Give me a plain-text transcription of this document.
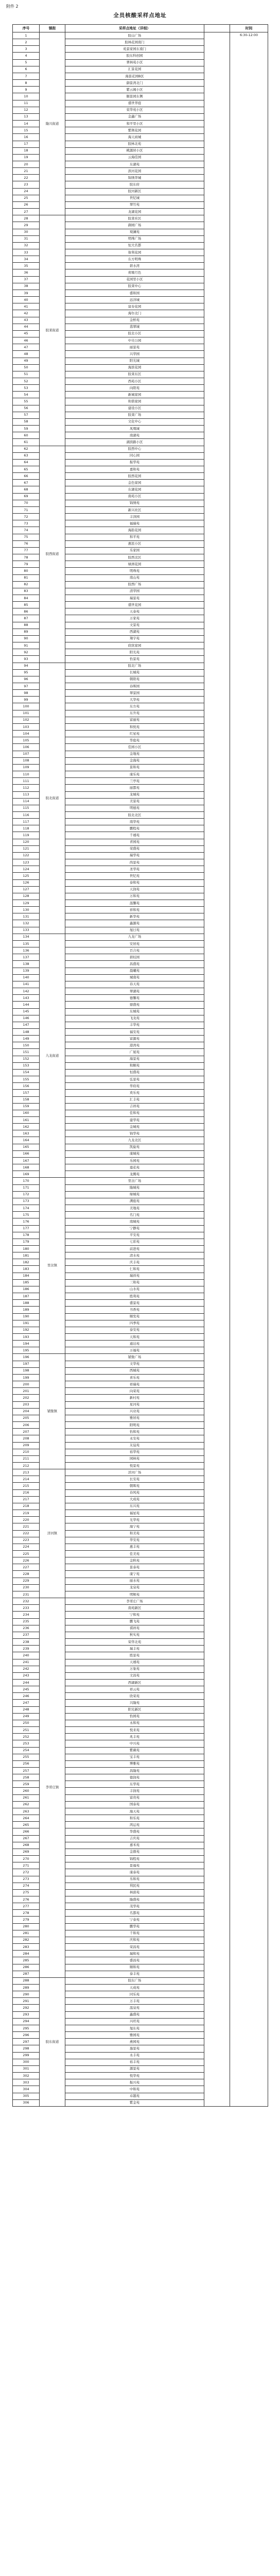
附件 2
全员核酸采样点地址
序号	镇街	采样点地址（详细）		时间
1	隆兴街道	胶山广场		6:30-12:00
2		胶林花园南门		
3		苑景家园东南门		
4		胶东科创园		
5		翠林苑小区		
6		汇景花园		
7		海景花园B区		
8		御景湾北门		
9		紫云阁小区		
10		颐景园东侧		
11		盛世华庭		
12		荣华苑小区		
13		金鑫广场		
14		和平里小区		
15		紫荆花园		
16		海天商城		
17		胶林北苑		
18		桃源居小区		
19		云海佳园		
20		东湖苑		
21		滨河花园		
22		锦绣华城		
23		胶东府		
24		胶河新区		
25		世纪城		
26		翠竹苑		
27		龙湖花园		
28	胶莱街道	胶莱社区		
29		御园广场		
30		观澜苑		
31		明珠广场		
32		恒大名都		
33		保利花园		
34		东方明珠		
35		碧水湾		
36		荷塘月色		
37		花园里小区		
38		胶莱中心		
39		盛和园		
40		远洋城		
41		富春花园		
42		海尔北门		
43		金桥苑		
44		翡翠城		
45		胶北小区		
46		中央公园		
47		丽景苑		
48		兴华园		
49		阳光城		
50		海滨花园		
51		胶莱东区		
52		西苑小区		
53		向阳苑		
54		新城家园		
55		和谐家园		
56		建设小区		
57		胶莱广场		
58		文化中心		
59		凤凰城		
60		南湖苑		
61		湖滨路小区		
62	胶西街道	胶西中心		
63		同心园		
64		振华苑		
65		嘉和苑		
66		胶西花园		
67		金色家园		
68		东湖花园		
69		南苑小区		
70		锦绣苑		
71		新兴社区		
72		丰泽园		
73		福瑞苑		
74		海韵花园		
75		和平苑		
76		惠民小区		
77		乐家园		
78		胶西北区		
79		绿洲花园		
80		明珠苑		
81		南山苑		
82		胶西广场		
83		清华园		
84		瑞景苑		
85		盛世花园		
86		天泰苑		
87		万家苑		
88		文景苑		
89		西湖苑		
90		翔宇苑		
91		欣欣家园		
92		阳光苑		
93		怡景苑		
94	胶北街道	胶北广场		
95		长城苑		
96		朝阳苑		
97		春晖园		
98		翠景园		
99		大华苑		
100		东方苑		
101		东升苑		
102		富丽苑		
103		和悦苑		
104		红星苑		
105		华庭苑		
106		佳园小区		
107		金地苑		
108		金海苑		
109		景和苑		
110		康乐苑		
111		兰亭苑		
112		丽都苑		
113		龙城苑		
114		美景苑		
115		明德苑		
116		胶北北区		
117		南华苑		
118		鹏程苑		
119		千禧苑		
120		青园苑		
121		荣盛苑		
122		瑞华苑		
123		尚景苑		
124		圣华苑		
125		世纪苑		
126		泰和苑		
127		天润苑		
128		万和苑		
129		温馨苑		
130		祥和苑		
131		新华苑		
132		鑫源苑		
133		旭日苑		
134	九龙街道	九龙广场		
135		安居苑		
136		百合苑		
137		碧桂园		
138		昌盛苑		
139		晨曦苑		
140		城南苑		
141		春天苑		
142		翠湖苑		
143		德馨苑		
144		鼎盛苑		
145		东城苑		
146		飞龙苑		
147		丰华苑		
148		福安苑		
149		富源苑		
150		港湾苑		
151		广厦苑		
152		海景苑		
153		和顺苑		
154		恒盛苑		
155		弘景苑		
156		华府苑		
157		欢乐苑		
158		汇丰苑		
159		吉祥苑		
160		佳和苑		
161		建华苑		
162		金城苑		
163		锦华苑		
164		九龙北区		
165		凯旋苑		
166		康城苑		
167		乐园苑		
168		莲花苑		
169		龙腾苑		
170	里岔镇	里岔广场		
171		隆城苑		
172		绿城苑		
173		满庭苑		
174		美地苑		
175		名门苑		
176		南城苑		
177		宁静苑		
178		平安苑		
179		七彩苑		
180		前进苑		
181		清水苑		
182		庆丰苑		
183		仁和苑		
184		瑞祥苑		
185		三和苑		
186		山水苑		
187		胜利苑		
188		盛景苑		
189		书香苑		
190		顺发苑		
191		四季苑		
192		泰安苑		
193		天和苑		
194		通达苑		
195		万福苑		
196	铺集镇	铺集广场		
197		文华苑		
198		西城苑		
199		喜乐苑		
200		祥瑞苑		
201		向荣苑		
202		新村苑		
203		星河苑		
204		兴业苑		
205		雅居苑		
206		阳明苑		
207		怡和苑		
208		永安苑		
209		友谊苑		
210		裕华苑		
211		园林苑		
212		悦景苑		
213	洋河镇	洋河广场		
214		长安苑		
215		朝晖苑		
216		春风苑		
217		大成苑		
218		东兴苑		
219		福星苑		
220		光华苑		
221		海宁苑		
222		和美苑		
223		华安苑		
224		惠丰苑		
225		佳美苑		
226		金秋苑		
227		景泰苑		
228		康宁苑		
229		丽水苑		
230		龙泉苑		
231		明辉苑		
232	李哥庄镇	李哥庄广场		
233		南苑新区		
234		宁和苑		
235		鹏飞苑		
236		祺祥苑		
237		秋实苑		
238		荣华北苑		
239		瑞丰苑		
240		胜景苑		
241		天禧苑		
242		万象苑		
243		文昌苑		
244		西湖新区		
245		祥云苑		
246		欣荣苑		
247		兴隆苑		
248		阳光新区		
249		怡园苑		
250		永和苑		
251		悦来苑		
252		兆丰苑		
253		中兴苑		
254		紫薇苑		
255		宝丰苑		
256		博雅苑		
257		昌隆苑		
258		德润苑		
259		东华苑		
260		丰润苑		
261		富贵苑		
262		国泰苑		
263		海天苑		
264		和乐苑		
265		鸿运苑		
266		华盛苑		
267		吉庆苑		
268		嘉禾苑		
269		金鼎苑		
270		锦程苑		
271		景福苑		
272		康泰苑		
273		乐和苑		
274		利民苑		
275		林荫苑		
276		隆盛苑		
277		茂华苑		
278		名都苑		
279		宁泰苑		
280		鹏华苑		
281		千和苑		
282		庆和苑		
283		荣昌苑		
284		瑞和苑		
285		盛昌苑		
286		顺和苑		
287		泰丰苑		
288	胶东街道	胶东广场		
289		天成苑		
290		同乐苑		
291		万丰苑		
292		温泉苑		
293		鑫盛苑		
294		兴旺苑		
295		旭东苑		
296		雅园苑		
297		燕园苑		
298		逸景苑		
299		永丰苑		
300		裕丰苑		
301		源景苑		
302		悦华苑		
303		振兴苑		
304		中和苑		
305		卓越苑		
306		紫金苑		
